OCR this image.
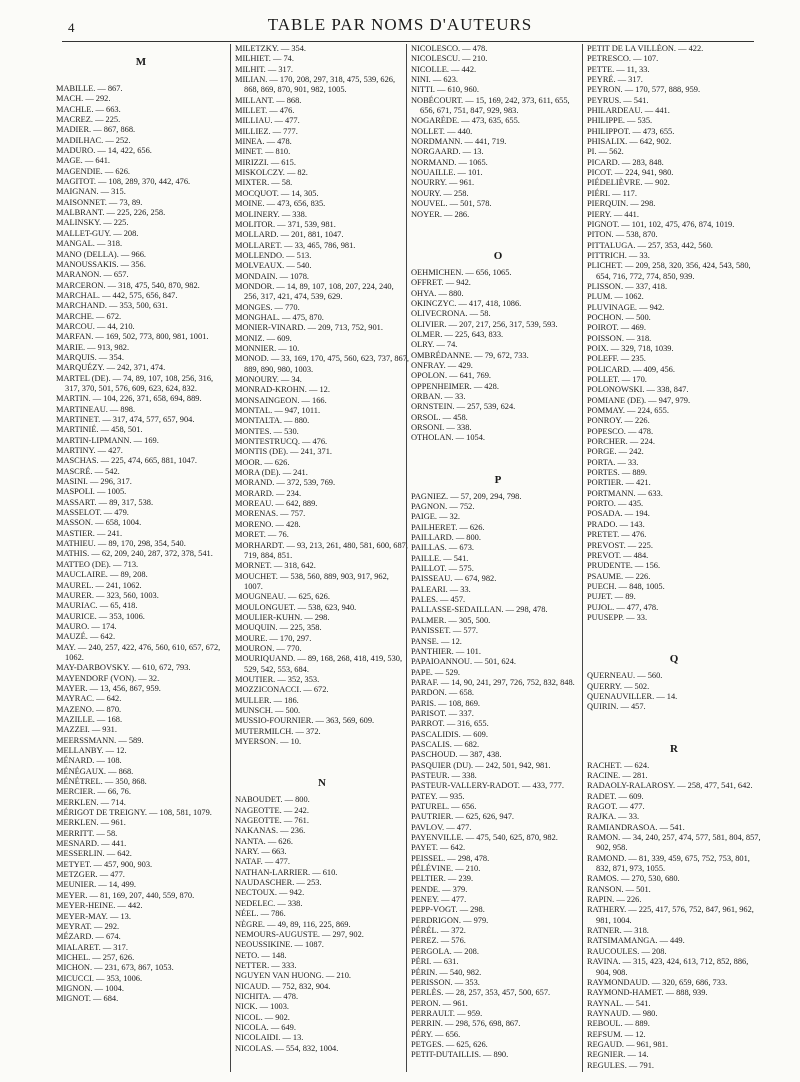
4	TABLE PAR NOMS D'AUTEURS
M

MABILLE. — 867.

MACH. — 292.

MACHLE. — 663.

MACREZ. — 225.

MADIER. — 867, 868.

MADILHAC. — 252.

MADURO. — 14, 422, 656.

MAGE. — 641.

MAGENDIE. — 626.

MAGITOT. — 108, 289, 370, 442, 476.

MAIGNAN. — 315.

MAISONNET. — 73, 89.

MALBRANT. — 225, 226, 258.

MALINSKY. — 225.

MALLET-GUY. — 208.

MANGAL. — 318.

MANO (DELLA). — 966.

MANOUSSAKIS. — 356.

MARANON. — 657.

MARCERON. — 318, 475, 540, 870, 982.

MARCHAL. — 442, 575, 656, 847.

MARCHAND. — 353, 500, 631.

MARCHE. — 672.

MARCOU. — 44, 210.

MARFAN. — 169, 502, 773, 800, 981, 1001.

MARIE. — 913, 982.

MARQUIS. — 354.

MARQUÉZY. — 242, 371, 474.

MARTEL (DE). — 74, 89, 107, 108, 256, 316, 317, 370, 501, 576, 609, 623, 624, 832.

MARTIN. — 104, 226, 371, 658, 694, 889.

MARTINEAU. — 898.

MARTINET. — 317, 474, 577, 657, 904.

MARTINIÉ. — 458, 501.

MARTIN-LIPMANN. — 169.

MARTINY. — 427.

MASCHAS. — 225, 474, 665, 881, 1047.

MASCRÉ. — 542.

MASINI. — 296, 317.

MASPOLI. — 1005.

MASSART. — 89, 317, 538.

MASSELOT. — 479.

MASSON. — 658, 1004.

MASTIER. — 241.

MATHIEU. — 89, 170, 298, 354, 540.

MATHIS. — 62, 209, 240, 287, 372, 378, 541.

MATTEO (DE). — 713.

MAUCLAIRE. — 89, 208.

MAUREL. — 241, 1062.

MAURER. — 323, 560, 1003.

MAURIAC. — 65, 418.

MAURICE. — 353, 1006.

MAURO. — 174.

MAUZÉ. — 642.

MAY. — 240, 257, 422, 476, 560, 610, 657, 672, 1062.

MAY-DARBOVSKY. — 610, 672, 793.

MAYENDORF (VON). — 32.

MAYER. — 13, 456, 867, 959.

MAYRAC. — 642.

MAZENO. — 870.

MAZILLE. — 168.

MAZZEI. — 931.

MEERSSMANN. — 589.

MELLANBY. — 12.

MÉNARD. — 108.

MÉNÉGAUX. — 868.

MÉNÉTREL. — 350, 868.

MERCIER. — 66, 76.

MERKLEN. — 714.

MÉRIGOT DE TREIGNY. — 108, 581, 1079.

MERKLEN. — 961.

MERRITT. — 58.

MESNARD. — 441.

MESSERLIN. — 642.

METYET. — 457, 900, 903.

METZGER. — 477.

MEUNIER. — 14, 499.

MEYER. — 81, 169, 207, 440, 559, 870.

MEYER-HEINE. — 442.

MEYER-MAY. — 13.

MEYRAT. — 292.

MÉZARD. — 674.

MIALARET. — 317.

MICHEL. — 257, 626.

MICHON. — 231, 673, 867, 1053.

MICUCCI. — 353, 1006.

MIGNON. — 1004.

MIGNOT. — 684.

MILETZKY. — 354.

MILHIET. — 74.

MILHIT. — 317.

MILIAN. — 170, 208, 297, 318, 475, 539, 626, 868, 869, 870, 901, 982, 1005.

MILLANT. — 868.

MILLET. — 476.

MILLIAU. — 477.

MILLIEZ. — 777.

MINEA. — 478.

MINET. — 810.

MIRIZZI. — 615.

MISKOLCZY. — 82.

MIXTER. — 58.

MOCQUOT. — 14, 305.

MOINE. — 473, 656, 835.

MOLINERY. — 338.

MOLITOR. — 371, 539, 981.

MOLLARD. — 201, 881, 1047.

MOLLARET. — 33, 465, 786, 981.

MOLLENDO. — 513.

MOLVEAUX. — 540.

MONDAIN. — 1078.

MONDOR. — 14, 89, 107, 108, 207, 224, 240, 256, 317, 421, 474, 539, 629.

MONGES. — 770.

MONGHAL. — 475, 870.

MONIER-VINARD. — 209, 713, 752, 901.

MONIZ. — 609.

MONNIER. — 10.

MONOD. — 33, 169, 170, 475, 560, 623, 737, 867, 889, 890, 980, 1003.

MONOURY. — 34.

MONRAD-KROHN. — 12.

MONSAINGEON. — 166.

MONTAL. — 947, 1011.

MONTALTA. — 880.

MONTES. — 530.

MONTESTRUCQ. — 476.

MONTIS (DE). — 241, 371.

MOOR. — 626.

MORA (DE). — 241.

MORAND. — 372, 539, 769.

MORARD. — 234.

MOREAU. — 642, 889.

MORENAS. — 757.

MORENO. — 428.

MORET. — 76.

MORHARDT. — 93, 213, 261, 480, 581, 600, 687, 719, 884, 851.

MORNET. — 318, 642.

MOUCHET. — 538, 560, 889, 903, 917, 962, 1007.

MOUGNEAU. — 625, 626.

MOULONGUET. — 538, 623, 940.

MOULIER-KUHN. — 298.

MOUQUIN. — 225, 358.

MOURE. — 170, 297.

MOURON. — 770.

MOURIQUAND. — 89, 168, 268, 418, 419, 530, 529, 542, 553, 684.

MOUTIER. — 352, 353.

MOZZICONACCI. — 672.

MULLER. — 186.

MUNSCH. — 500.

MUSSIO-FOURNIER. — 363, 569, 609.

MUTERMILCH. — 372.

MYERSON. — 10.

N

NABOUDET. — 800.

NAGEOTTE. — 242.

NAGEOTTE. — 761.

NAKANAS. — 236.

NANTA. — 626.

NARY. — 663.

NATAF. — 477.

NATHAN-LARRIER. — 610.

NAUDASCHER. — 253.

NECTOUX. — 942.

NEDELEC. — 338.

NÉEL. — 786.

NÈGRE. — 49, 89, 116, 225, 869.

NEMOURS-AUGUSTE. — 297, 902.

NEOUSSIKINE. — 1087.

NETO. — 148.

NETTER. — 333.

NGUYEN VAN HUONG. — 210.

NICAUD. — 752, 832, 904.

NICHITA. — 478.

NICK. — 1003.

NICOL. — 902.

NICOLA. — 649.

NICOLAIDI. — 13.

NICOLAS. — 554, 832, 1004.

NICOLESCO. — 478.

NICOLESCU. — 210.

NICOLLE. — 442.

NINI. — 623.

NITTI. — 610, 960.

NOBÉCOURT. — 15, 169, 242, 373, 611, 655, 656, 671, 751, 847, 929, 983.

NOGARÈDE. — 473, 635, 655.

NOLLET. — 440.

NORDMANN. — 441, 719.

NORGAARD. — 13.

NORMAND. — 1065.

NOUAILLE. — 101.

NOURRY. — 961.

NOURY. — 258.

NOUVEL. — 501, 578.

NOYER. — 286.

O

OEHMICHEN. — 656, 1065.

OFFRET. — 942.

OHYA. — 880.

OKINCZYC. — 417, 418, 1086.

OLIVECRONA. — 58.

OLIVIER. — 207, 217, 256, 317, 539, 593.

OLMER. — 225, 643, 833.

OLRY. — 74.

OMBRÉDANNE. — 79, 672, 733.

ONFRAY. — 429.

OPOLON. — 641, 769.

OPPENHEIMER. — 428.

ORBAN. — 33.

ORNSTEIN. — 257, 539, 624.

ORSOL. — 458.

ORSONI. — 338.

OTHOLAN. — 1054.

P

PAGNIEZ. — 57, 209, 294, 798.

PAGNON. — 752.

PAIGE. — 32.

PAILHERET. — 626.

PAILLARD. — 800.

PAILLAS. — 673.

PAILLE. — 541.

PAILLOT. — 575.

PAISSEAU. — 674, 982.

PALEARI. — 33.

PALES. — 457.

PALLASSE-SEDAILLAN. — 298, 478.

PALMER. — 305, 500.

PANISSET. — 577.

PANSE. — 12.

PANTHIER. — 101.

PAPAIOANNOU. — 501, 624.

PAPE. — 529.

PARAF. — 14, 90, 241, 297, 726, 752, 832, 848.

PARDON. — 658.

PARIS. — 108, 869.

PARISOT. — 337.

PARROT. — 316, 655.

PASCALIDIS. — 609.

PASCALIS. — 682.

PASCHOUD. — 387, 438.

PASQUIER (DU). — 242, 501, 942, 981.

PASTEUR. — 338.

PASTEUR-VALLERY-RADOT. — 433, 777.

PATEY. — 935.

PATUREL. — 656.

PAUTRIER. — 625, 626, 947.

PAVLOV. — 477.

PAYENVILLE. — 475, 540, 625, 870, 982.

PAYET. — 642.

PEISSEL. — 298, 478.

PÉLÉVINE. — 210.

PELTIER. — 239.

PENDE. — 379.

PENEY. — 477.

PEPP-VOGT. — 298.

PERDRIGON. — 979.

PÉRÉL. — 372.

PEREZ. — 576.

PERGOLA. — 208.

PÉRI. — 631.

PÉRIN. — 540, 982.

PERISSON. — 353.

PERLÈS. — 28, 257, 353, 457, 500, 657.

PERON. — 961.

PERRAULT. — 959.

PERRIN. — 298, 576, 698, 867.

PÉRY. — 656.

PETGES. — 625, 626.

PETIT-DUTAILLIS. — 890.

PETIT DE LA VILLÉON. — 422.

PETRESCO. — 107.

PETTE. — 11, 33.

PEYRÉ. — 317.

PEYRON. — 170, 577, 888, 959.

PEYRUS. — 541.

PHILARDEAU. — 441.

PHILIPPE. — 535.

PHILIPPOT. — 473, 655.

PHISALIX. — 642, 902.

PI. — 562.

PICARD. — 283, 848.

PICOT. — 224, 941, 980.

PIÉDELIÈVRE. — 902.

PIÉRI. — 117.

PIERQUIN. — 298.

PIERY. — 441.

PIGNOT. — 101, 102, 475, 476, 874, 1019.

PITON. — 538, 870.

PITTALUGA. — 257, 353, 442, 560.

PITTRICH. — 33.

PLICHET. — 209, 258, 320, 356, 424, 543, 580, 654, 716, 772, 774, 850, 939.

PLISSON. — 337, 418.

PLUM. — 1062.

PLUVINAGE. — 942.

POCHON. — 500.

POIROT. — 469.

POISSON. — 318.

POIX. — 329, 718, 1039.

POLEFF. — 235.

POLICARD. — 409, 456.

POLLET. — 170.

POLONOWSKI. — 338, 847.

POMIANE (DE). — 947, 979.

POMMAY. — 224, 655.

PONROY. — 226.

POPESCO. — 478.

PORCHER. — 224.

PORGE. — 242.

PORTA. — 33.

PORTES. — 889.

PORTIER. — 421.

PORTMANN. — 633.

PORTO. — 435.

POSADA. — 194.

PRADO. — 143.

PRETET. — 476.

PREVOST. — 225.

PREVOT. — 484.

PRUDENTE. — 156.

PSAUME. — 226.

PUECH. — 848, 1005.

PUJET. — 89.

PUJOL. — 477, 478.

PUUSEPP. — 33.

Q

QUERNEAU. — 560.

QUERRY. — 502.

QUENAUVILLER. — 14.

QUIRIN. — 457.

R

RACHET. — 624.

RACINE. — 281.

RADAOLY-RALAROSY. — 258, 477, 541, 642.

RADET. — 609.

RAGOT. — 477.

RAJKA. — 33.

RAMIANDRASOA. — 541.

RAMON. — 34, 240, 257, 474, 577, 581, 804, 857, 902, 958.

RAMOND. — 81, 339, 459, 675, 752, 753, 801, 832, 871, 973, 1055.

RAMOS. — 270, 530, 680.

RANSON. — 501.

RAPIN. — 226.

RATHERY. — 225, 417, 576, 752, 847, 961, 962, 981, 1004.

RATNER. — 318.

RATSIMAMANGA. — 449.

RAUCOULES. — 208.

RAVINA. — 315, 423, 424, 613, 712, 852, 886, 904, 908.

RAYMONDAUD. — 320, 659, 686, 733.

RAYMOND-HAMET. — 888, 939.

RAYNAL. — 541.

RAYNAUD. — 980.

REBOUL. — 889.

REFSUM. — 12.

REGAUD. — 961, 981.

REGNIER. — 14.

REGULES. — 791.
